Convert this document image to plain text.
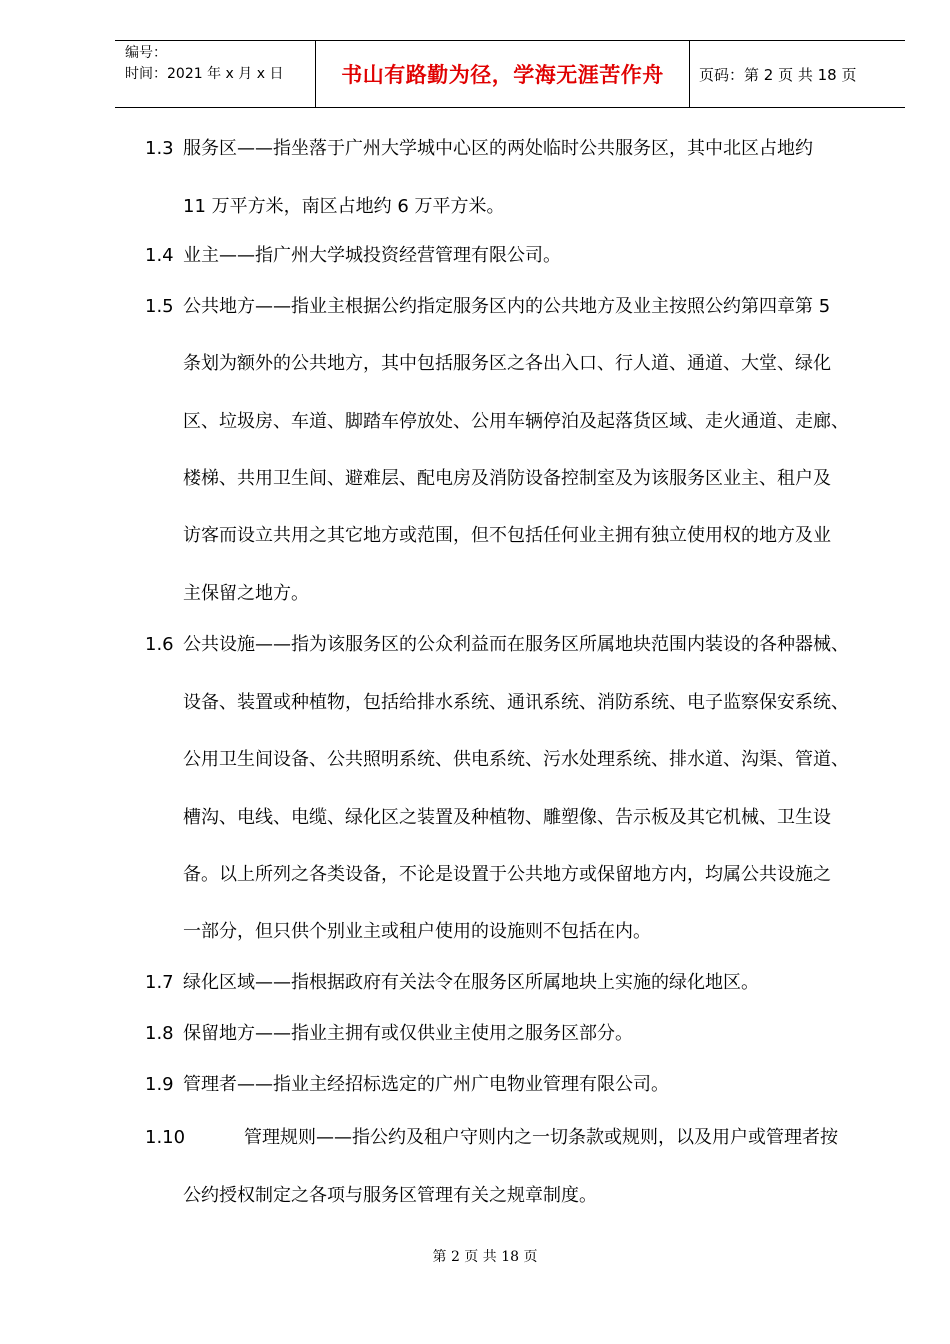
编号：
时间：2021 年 x 月 x 日	书山有路勤为径，学海无涯苦作舟	页码：第 2 页 共 18 页
1.3 服务区——指坐落于广州大学城中心区的两处临时公共服务区，其中北区占地约
11 万平方米，南区占地约 6 万平方米。
1.4 业主——指广州大学城投资经营管理有限公司。
1.5 公共地方——指业主根据公约指定服务区内的公共地方及业主按照公约第四章第 5
条划为额外的公共地方，其中包括服务区之各出入口、行人道、通道、大堂、绿化
区、垃圾房、车道、脚踏车停放处、公用车辆停泊及起落货区域、走火通道、走廊、
楼梯、共用卫生间、避难层、配电房及消防设备控制室及为该服务区业主、租户及
访客而设立共用之其它地方或范围，但不包括任何业主拥有独立使用权的地方及业
主保留之地方。
1.6 公共设施——指为该服务区的公众利益而在服务区所属地块范围内装设的各种器械、
设备、装置或种植物，包括给排水系统、通讯系统、消防系统、电子监察保安系统、
公用卫生间设备、公共照明系统、供电系统、污水处理系统、排水道、沟渠、管道、
槽沟、电线、电缆、绿化区之装置及种植物、雕塑像、告示板及其它机械、卫生设
备。以上所列之各类设备，不论是设置于公共地方或保留地方内，均属公共设施之
一部分，但只供个别业主或租户使用的设施则不包括在内。
1.7 绿化区域——指根据政府有关法令在服务区所属地块上实施的绿化地区。
1.8 保留地方——指业主拥有或仅供业主使用之服务区部分。
1.9 管理者——指业主经招标选定的广州广电物业管理有限公司。
1.10	管理规则——指公约及租户守则内之一切条款或规则，以及用户或管理者按
公约授权制定之各项与服务区管理有关之规章制度。
第 2 页 共 18 页
